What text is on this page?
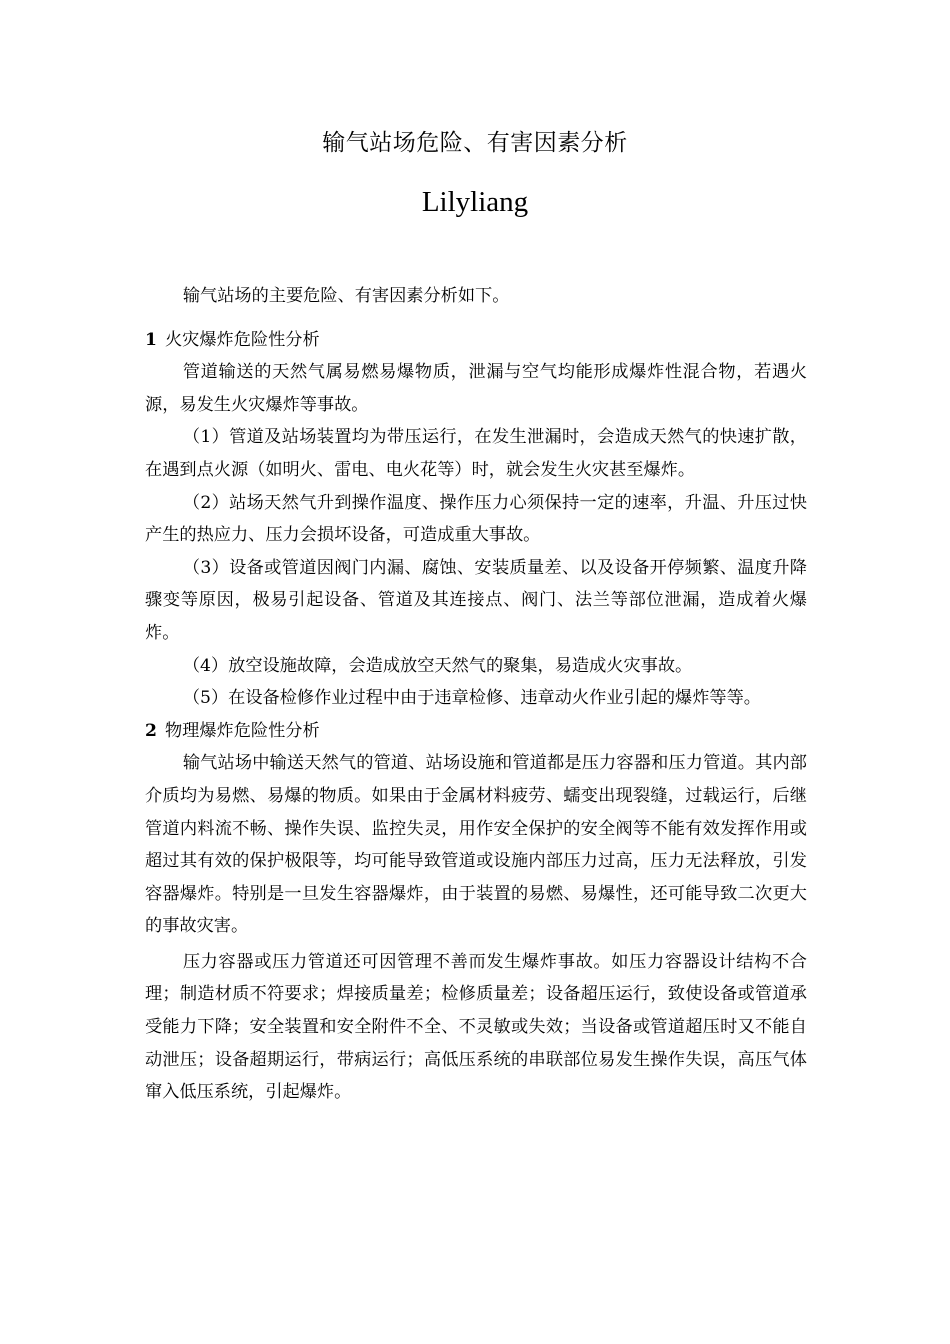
输气站场危险、有害因素分析
Lilyliang

输气站场的主要危险、有害因素分析如下。

1 火灾爆炸危险性分析

管道输送的天然气属易燃易爆物质，泄漏与空气均能形成爆炸性混合物，若遇火源，易发生火灾爆炸等事故。

（1）管道及站场装置均为带压运行，在发生泄漏时，会造成天然气的快速扩散，在遇到点火源（如明火、雷电、电火花等）时，就会发生火灾甚至爆炸。

（2）站场天然气升到操作温度、操作压力心须保持一定的速率，升温、升压过快产生的热应力、压力会损坏设备，可造成重大事故。

（3）设备或管道因阀门内漏、腐蚀、安装质量差、以及设备开停频繁、温度升降骤变等原因，极易引起设备、管道及其连接点、阀门、法兰等部位泄漏，造成着火爆炸。

（4）放空设施故障，会造成放空天然气的聚集，易造成火灾事故。

（5）在设备检修作业过程中由于违章检修、违章动火作业引起的爆炸等等。

2 物理爆炸危险性分析

输气站场中输送天然气的管道、站场设施和管道都是压力容器和压力管道。其内部介质均为易燃、易爆的物质。如果由于金属材料疲劳、蠕变出现裂缝，过载运行，后继管道内料流不畅、操作失误、监控失灵，用作安全保护的安全阀等不能有效发挥作用或超过其有效的保护极限等，均可能导致管道或设施内部压力过高，压力无法释放，引发容器爆炸。特别是一旦发生容器爆炸，由于装置的易燃、易爆性，还可能导致二次更大的事故灾害。

压力容器或压力管道还可因管理不善而发生爆炸事故。如压力容器设计结构不合理；制造材质不符要求；焊接质量差；检修质量差；设备超压运行，致使设备或管道承受能力下降；安全装置和安全附件不全、不灵敏或失效；当设备或管道超压时又不能自动泄压；设备超期运行，带病运行；高低压系统的串联部位易发生操作失误，高压气体窜入低压系统，引起爆炸。
